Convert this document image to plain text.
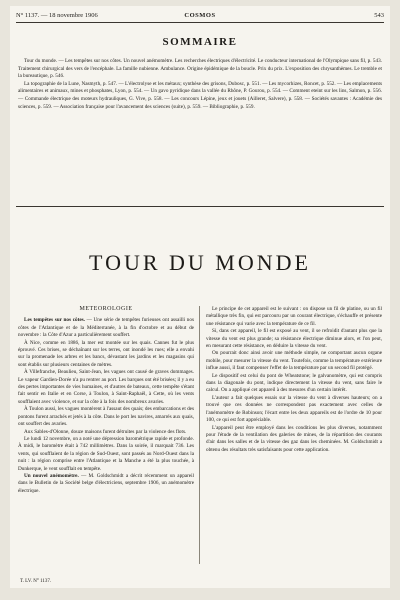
N° 1137. — 18 novembre 1906	COSMOS	543
SOMMAIRE

Tour du monde. — Les tempêtes sur nos côtes. Un nouvel anémomètre. Les recherches électriques d'électricité. Le conducteur international de l'Olympique sans fil, p. 543. Traitement chirurgical des vers de l'encéphale. La famille nubienne. Ambulance. Origine épidémique de la boucle. Prix du prix. L'exposition des chrysanthèmes. Le tremble et la bureautique, p. 546.

La topographie de la Lune, Nasmyth, p. 547. — L'électrolyse et les métaux; synthèse des grisons, Dubosc, p. 551. — Les mycorhizes, Roncet, p. 552. — Les emplacements alimentaires et animaux, mines et phosphates, Lyon, p. 554. — Un gavo pyridique dans la vallée du Rhône, P. Gourou, p. 554. — Comment eteint sur les lins, Salmon, p. 556. — Commande électrique des moteurs hydrauliques, G. Vive, p. 558. — Les concours Lépine, jeux et jouets (Ailleret, Salvere), p. 558. — Sociétés savantes : Académie des sciences, p. 559. — Association française pour l'avancement des sciences (suite), p. 559. — Bibliographie, p. 559.

TOUR DU MONDE
MÉTÉOROLOGIE

Les tempêtes sur nos côtes. — Une série de tempêtes furieuses ont assailli nos côtes de l'Atlantique et de la Méditerranée, à la fin d'octobre et au début de novembre : la Côte d'Azur a particulièrement souffert.

À Nice, comme en 1886, la mer est montée sur les quais. Cannes fut le plus éprouvé. Ces brises, se déchaînant sur les terres, ont inondé les rues; elle a envahi sur la promenade les arbres et les bancs, dévastant les jardins et les magasins qui sont établis sur plusieurs centaines de mètres.

À Villefranche, Beaulieu, Saint-Jean, les vagues ont causé de graves dommages. Le vapeur Gardien-Dorée n'a pu rentrer au port. Les barques ont été brisées; il y a eu des pertes importantes de vies humaines, et d'autres de bateaux, cette tempête s'étant fait sentir en Italie et en Corse, à Toulon, à Saint-Raphaël, à Cette, où les vents soufflaient avec violence, et sur la côte à la fois des nombreux avaries.

À Toulon aussi, les vagues montèrent à l'assaut des quais; des embarcations et des pontons furent arrachés et jetés à la côte. Dans le port les navires, amarrés aux quais, ont souffert des avaries.

Aux Sables-d'Olonne, douze maisons furent détruites par la violence des flots.

Le lundi 12 novembre, on a noté une dépression barométrique rapide et profonde. À midi, le baromètre était à 742 millimètres. Dans la soirée, il marquait 736. Les vents, qui soufflaient de la région de Sud-Ouest, sont passés au Nord-Ouest dans la nuit : la région comprise entre l'Atlantique et la Manche a été la plus touchée, à Dunkerque, le vent soufflait en tempête.

Un nouvel anémomètre. — M. Goldschmidt a décrit récemment un appareil dans le Bulletin de la Société belge d'électriciens, septembre 1906, un anémomètre électrique.

Le principe de cet appareil est le suivant : on dispose un fil de platine, ou un fil métallique très fin, qui est parcouru par un courant électrique, s'échauffe et présente une résistance qui varie avec la température de ce fil.

Si, dans cet appareil, le fil est exposé au vent, il se refroidit d'autant plus que la vitesse du vent est plus grande; sa résistance électrique diminue alors, et l'on peut, en mesurant cette résistance, en déduire la vitesse du vent.

On pourrait donc ainsi avoir une méthode simple, ne comportant aucun organe mobile, pour mesurer la vitesse du vent. Toutefois, comme la température extérieure influe aussi, il faut compenser l'effet de la température par un second fil protégé.

Le dispositif est celui du pont de Wheatstone; le galvanomètre, qui est compris dans la diagonale du pont, indique directement la vitesse du vent, sans faire le calcul. On a appliqué cet appareil à des mesures d'un certain intérêt.

L'auteur a fait quelques essais sur la vitesse du vent à diverses hauteurs; on a trouvé que ces données ne correspondent pas exactement avec celles de l'anémomètre de Robinson; l'écart entre les deux appareils est de l'ordre de 10 pour 100, ce qui est fort appréciable.

L'appareil peut être employé dans les conditions les plus diverses, notamment pour l'étude de la ventilation des galeries de mines, de la répartition des courants d'air dans les salles et de la vitesse des gaz dans les cheminées. M. Goldschmidt a obtenu des résultats très satisfaisants pour cette application.

T. LV. N° 1137.
